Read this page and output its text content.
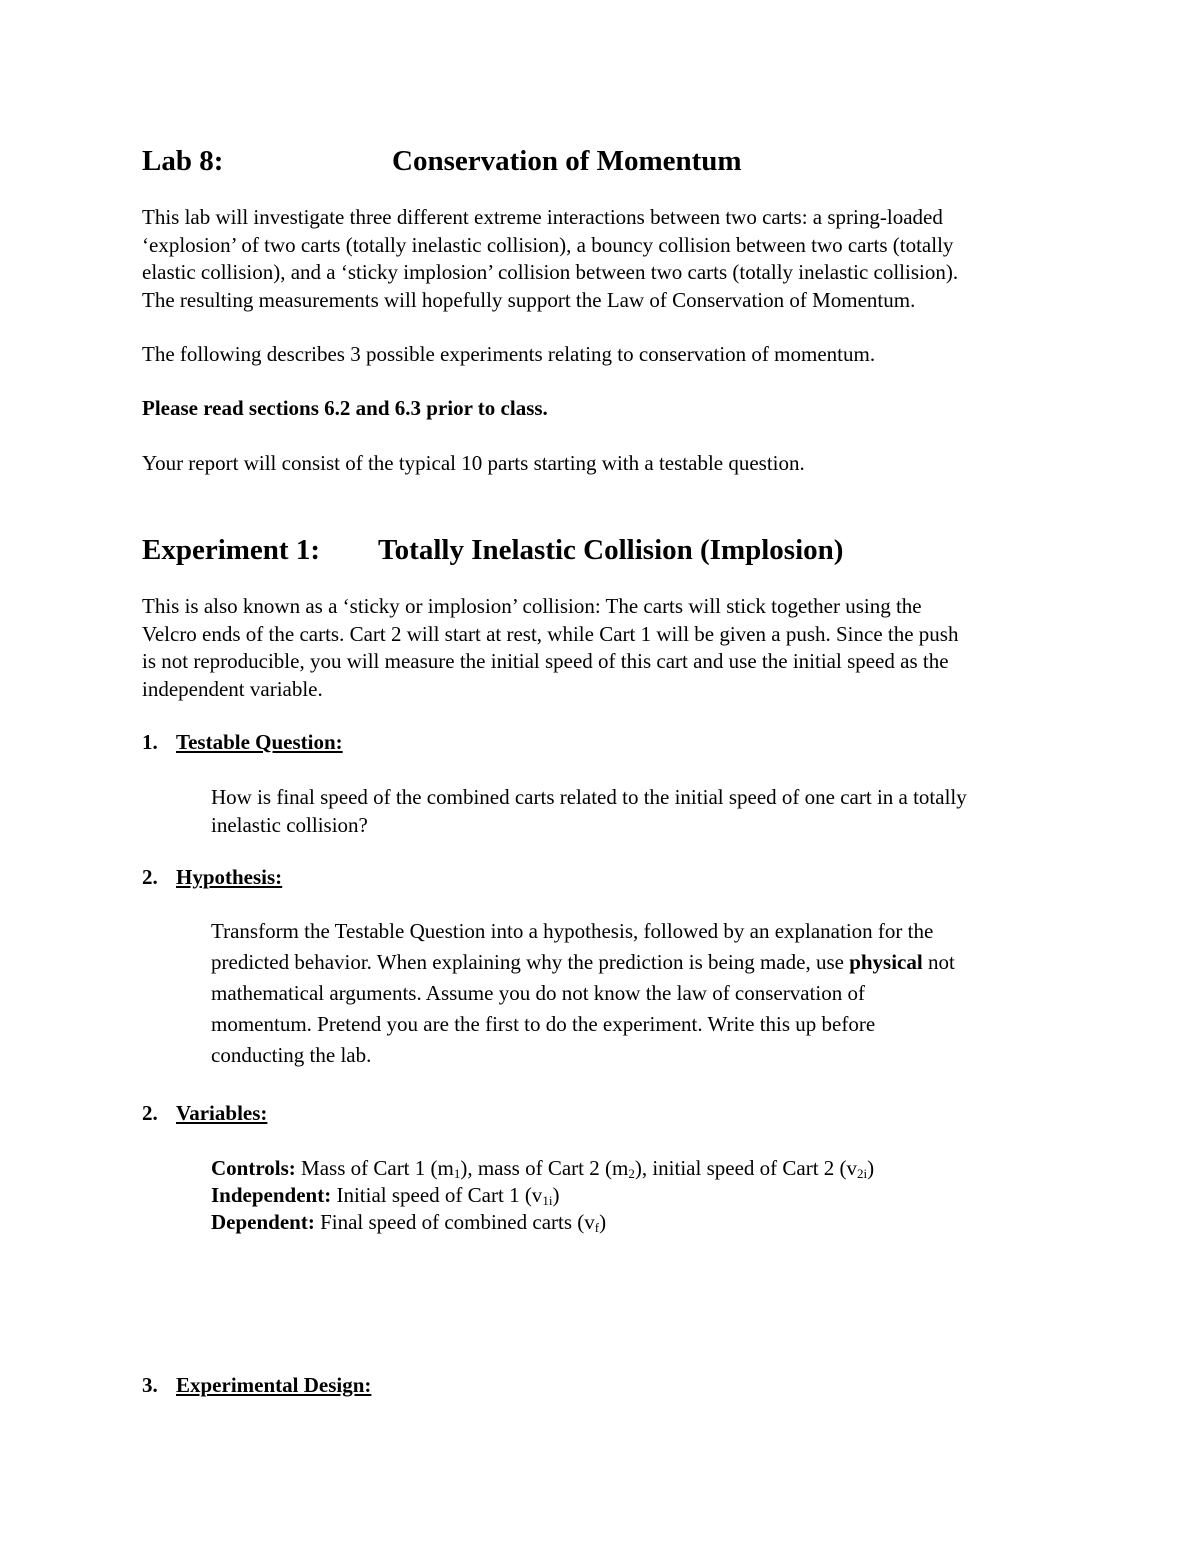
Lab 8:	Conservation of Momentum

This lab will investigate three different extreme interactions between two carts: a spring-loaded

‘explosion’ of two carts (totally inelastic collision), a bouncy collision between two carts (totally

elastic collision), and a ‘sticky implosion’ collision between two carts (totally inelastic collision).

The resulting measurements will hopefully support the Law of Conservation of Momentum.

The following describes 3 possible experiments relating to conservation of momentum.
Please read sections 6.2 and 6.3 prior to class.
Your report will consist of the typical 10 parts starting with a testable question.
Experiment 1: Totally Inelastic Collision (Implosion)

This is also known as a ‘sticky or implosion’ collision: The carts will stick together using the

Velcro ends of the carts. Cart 2 will start at rest, while Cart 1 will be given a push. Since the push

is not reproducible, you will measure the initial speed of this cart and use the initial speed as the

independent variable.

1. Testable Question:

How is final speed of the combined carts related to the initial speed of one cart in a totally

inelastic collision?

2. Hypothesis:

Transform the Testable Question into a hypothesis, followed by an explanation for the

predicted behavior. When explaining why the prediction is being made, use physical not

mathematical arguments. Assume you do not know the law of conservation of

momentum. Pretend you are the first to do the experiment. Write this up before

conducting the lab.

2. Variables:
Controls: Mass of Cart 1 $(m_1)$, mass of Cart 2 $(m_2)$, initial speed of Cart 2 $(v_{2i})$
Independent: Initial speed of Cart 1 $(v_{1i})$
Dependent: Final speed of combined carts $(v_f)$
3. Experimental Design:
